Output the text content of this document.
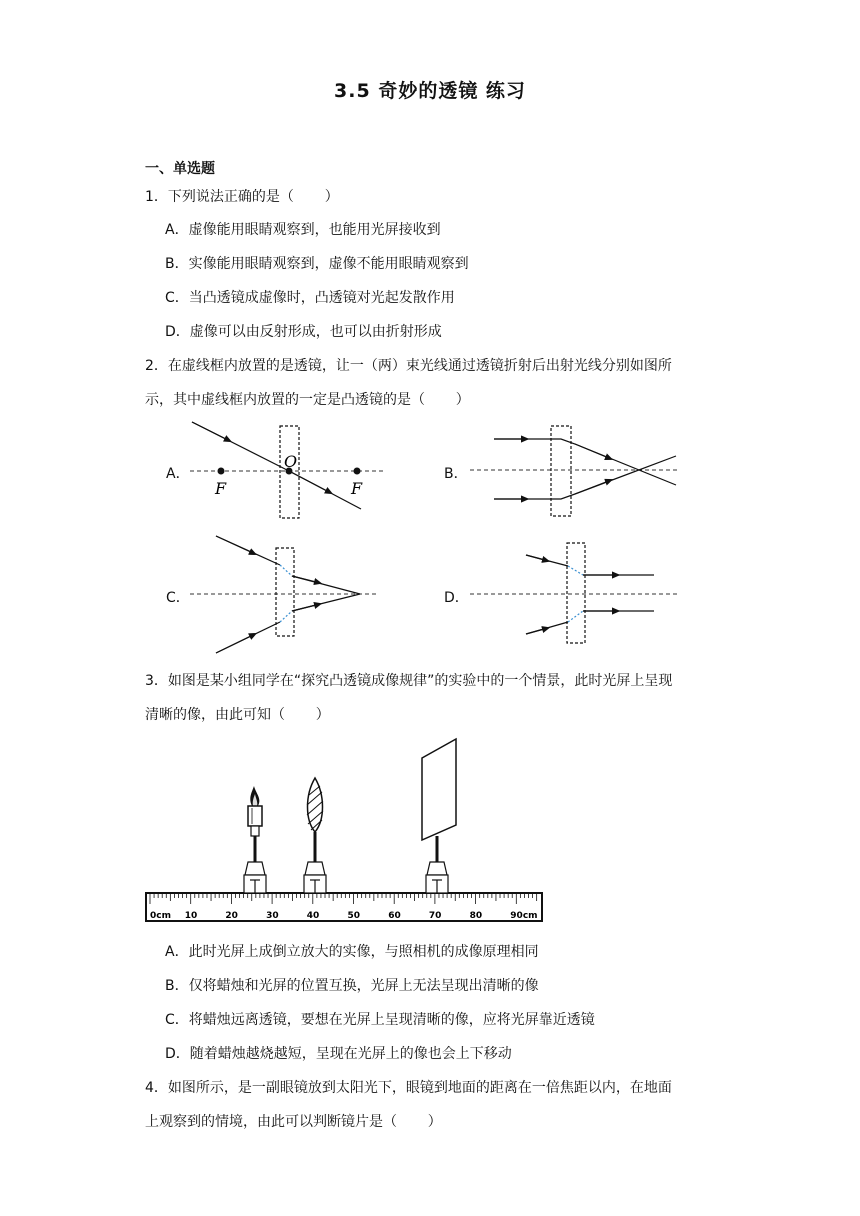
3.5 奇妙的透镜 练习
一、单选题
1．下列说法正确的是（ ）
A．虚像能用眼睛观察到，也能用光屏接收到
B．实像能用眼睛观察到，虚像不能用眼睛观察到
C．当凸透镜成虚像时，凸透镜对光起发散作用
D．虚像可以由反射形成，也可以由折射形成
2．在虚线框内放置的是透镜，让一（两）束光线通过透镜折射后出射光线分别如图所
示，其中虚线框内放置的一定是凸透镜的是（ ）
A．	B．
C．	D．
O
F	F
3．如图是某小组同学在“探究凸透镜成像规律”的实验中的一个情景，此时光屏上呈现
清晰的像，由此可知（ ）
0cm 10	20	30	40	50	60	70	80	90cm
A．此时光屏上成倒立放大的实像，与照相机的成像原理相同
B．仅将蜡烛和光屏的位置互换，光屏上无法呈现出清晰的像
C．将蜡烛远离透镜，要想在光屏上呈现清晰的像，应将光屏靠近透镜
D．随着蜡烛越烧越短，呈现在光屏上的像也会上下移动
4．如图所示，是一副眼镜放到太阳光下，眼镜到地面的距离在一倍焦距以内，在地面
上观察到的情境，由此可以判断镜片是（ ）
